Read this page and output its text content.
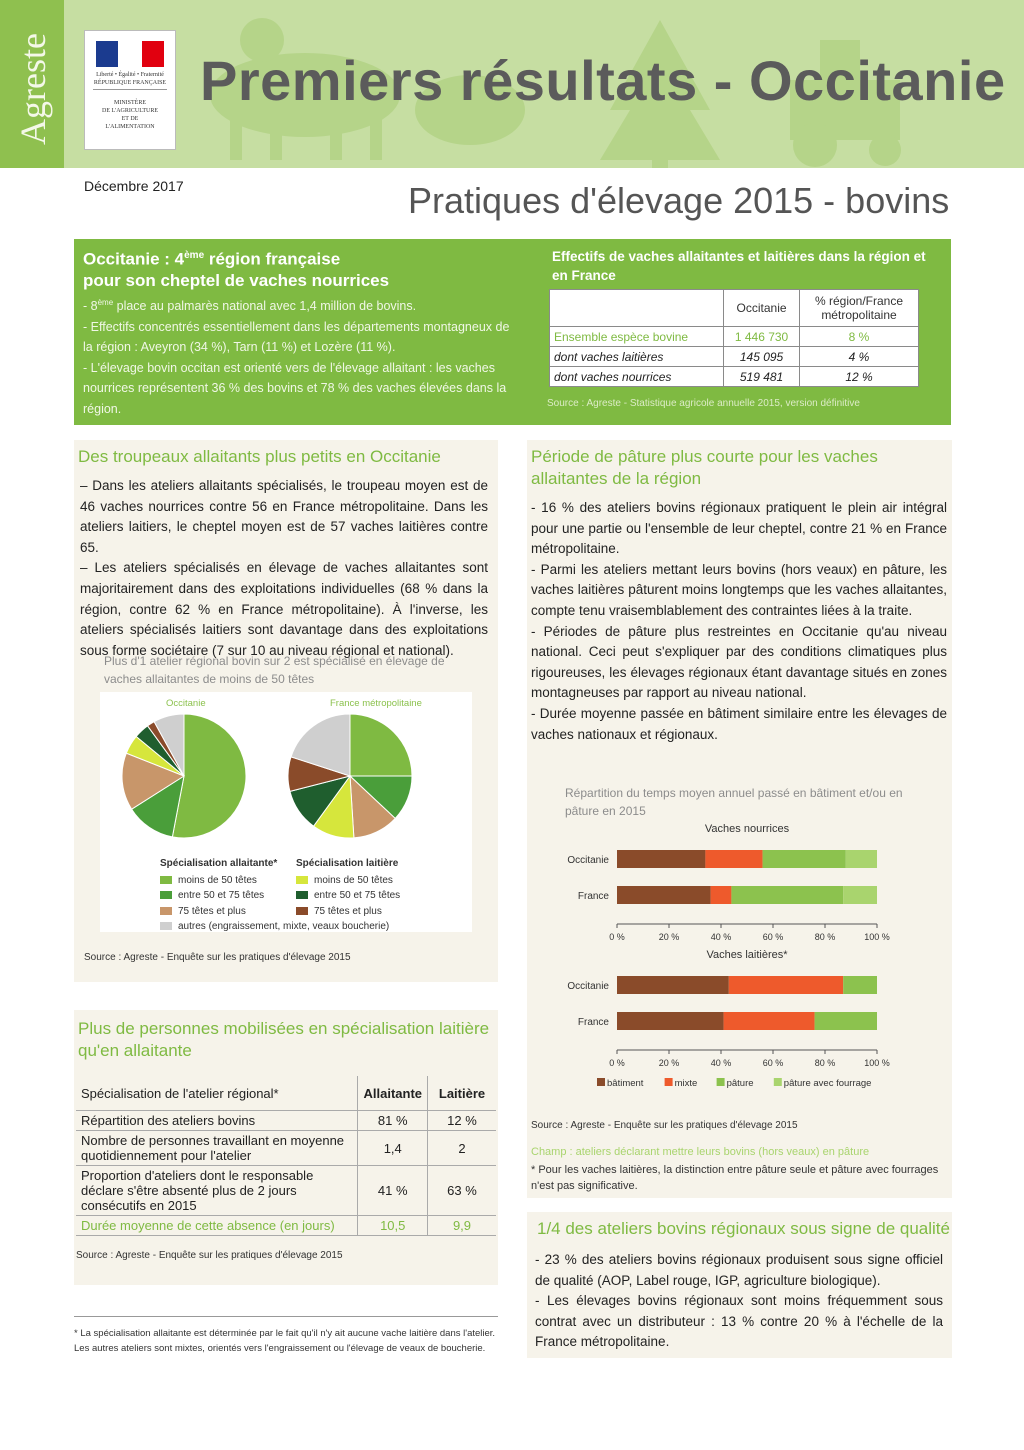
Agreste	Liberté • Égalité • Fraternité RÉPUBLIQUE FRANÇAISE
MINISTÈRE
DE L'AGRICULTURE
ET DE
L'ALIMENTATION
Premiers résultats - Occitanie
Décembre 2017	Pratiques d'élevage 2015 - bovins
Occitanie : 4ème région française
pour son cheptel de vaches nourrices
- 8ème place au palmarès national avec 1,4 million de bovins.
- Effectifs concentrés essentiellement dans les départements montagneux de la région : Aveyron (34 %), Tarn (11 %) et Lozère (11 %).
- L'élevage bovin occitan est orienté vers de l'élevage allaitant : les vaches nourrices représentent 36 % des bovins et 78 % des vaches élevées dans la région.
Effectifs de vaches allaitantes et laitières dans la région et en France
	Occitanie	% région/France métropolitaine
Ensemble espèce bovine	1 446 730	8 %
dont vaches laitières	145 095	4 %
dont vaches nourrices	519 481	12 %
Source : Agreste - Statistique agricole annuelle 2015, version définitive
Des troupeaux allaitants plus petits en Occitanie
– Dans les ateliers allaitants spécialisés, le troupeau moyen est de 46 vaches nourrices contre 56 en France métropolitaine. Dans les ateliers laitiers, le cheptel moyen est de 57 vaches laitières contre 65.
– Les ateliers spécialisés en élevage de vaches allaitantes sont majoritairement dans des exploitations individuelles (68 % dans la région, contre 62 % en France métropolitaine). À l'inverse, les ateliers spécialisés laitiers sont davantage dans des exploitations sous forme sociétaire (7 sur 10 au niveau régional et national).
Plus d'1 atelier régional bovin sur 2 est spécialisé en élevage de vaches allaitantes de moins de 50 têtes
Occitanie	France métropolitaine
Spécialisation allaitante* Spécialisation laitière
moins de 50 têtes
entre 50 et 75 têtes
75 têtes et plus
moins de 50 têtes
entre 50 et 75 têtes
75 têtes et plus
autres (engraissement, mixte, veaux boucherie)
Source : Agreste - Enquête sur les pratiques d'élevage 2015
Plus de personnes mobilisées en spécialisation laitière qu'en allaitante
Source : Agreste - Enquête sur les pratiques d'élevage 2015
Spécialisation de l'atelier régional*	Allaitante	Laitière
Répartition des ateliers bovins	81 %	12 %
Nombre de personnes travaillant en moyenne quotidiennement pour l'atelier	1,4	2
Proportion d'ateliers dont le responsable déclare s'être absenté plus de 2 jours consécutifs en 2015	41 %	63 %
Durée moyenne de cette absence (en jours)	10,5	9,9
* La spécialisation allaitante est déterminée par le fait qu'il n'y ait aucune vache laitière dans l'atelier. Les autres ateliers sont mixtes, orientés vers l'engraissement ou l'élevage de veaux de boucherie.
Période de pâture plus courte pour les vaches allaitantes de la région
- 16 % des ateliers bovins régionaux pratiquent le plein air intégral pour une partie ou l'ensemble de leur cheptel, contre 21 % en France métropolitaine.
- Parmi les ateliers mettant leurs bovins (hors veaux) en pâture, les vaches laitières pâturent moins longtemps que les vaches allaitantes, compte tenu vraisemblablement des contraintes liées à la traite.
- Périodes de pâture plus restreintes en Occitanie qu'au niveau national. Ceci peut s'expliquer par des conditions climatiques plus rigoureuses, les élevages régionaux étant davantage situés en zones montagneuses par rapport au niveau national.
- Durée moyenne passée en bâtiment similaire entre les élevages de vaches nationaux et régionaux.
Répartition du temps moyen annuel passé en bâtiment et/ou en pâture en 2015
Vaches nourrices
Occitanie
France
0 %	20 %	40 %	60 %	80 %	100 %
Vaches laitières*
Occitanie
France
0 %	20 %	40 %	60 %	80 %	100 %
bâtiment	mixte	pâture	pâture avec fourrage
Source : Agreste - Enquête sur les pratiques d'élevage 2015
Champ : ateliers déclarant mettre leurs bovins (hors veaux) en pâture
* Pour les vaches laitières, la distinction entre pâture seule et pâture avec fourrages n'est pas significative.
1/4 des ateliers bovins régionaux sous signe de qualité
- 23 % des ateliers bovins régionaux produisent sous signe officiel de qualité (AOP, Label rouge, IGP, agriculture biologique).
- Les élevages bovins régionaux sont moins fréquemment sous contrat avec un distributeur : 13 % contre 20 % à l'échelle de la France métropolitaine.
